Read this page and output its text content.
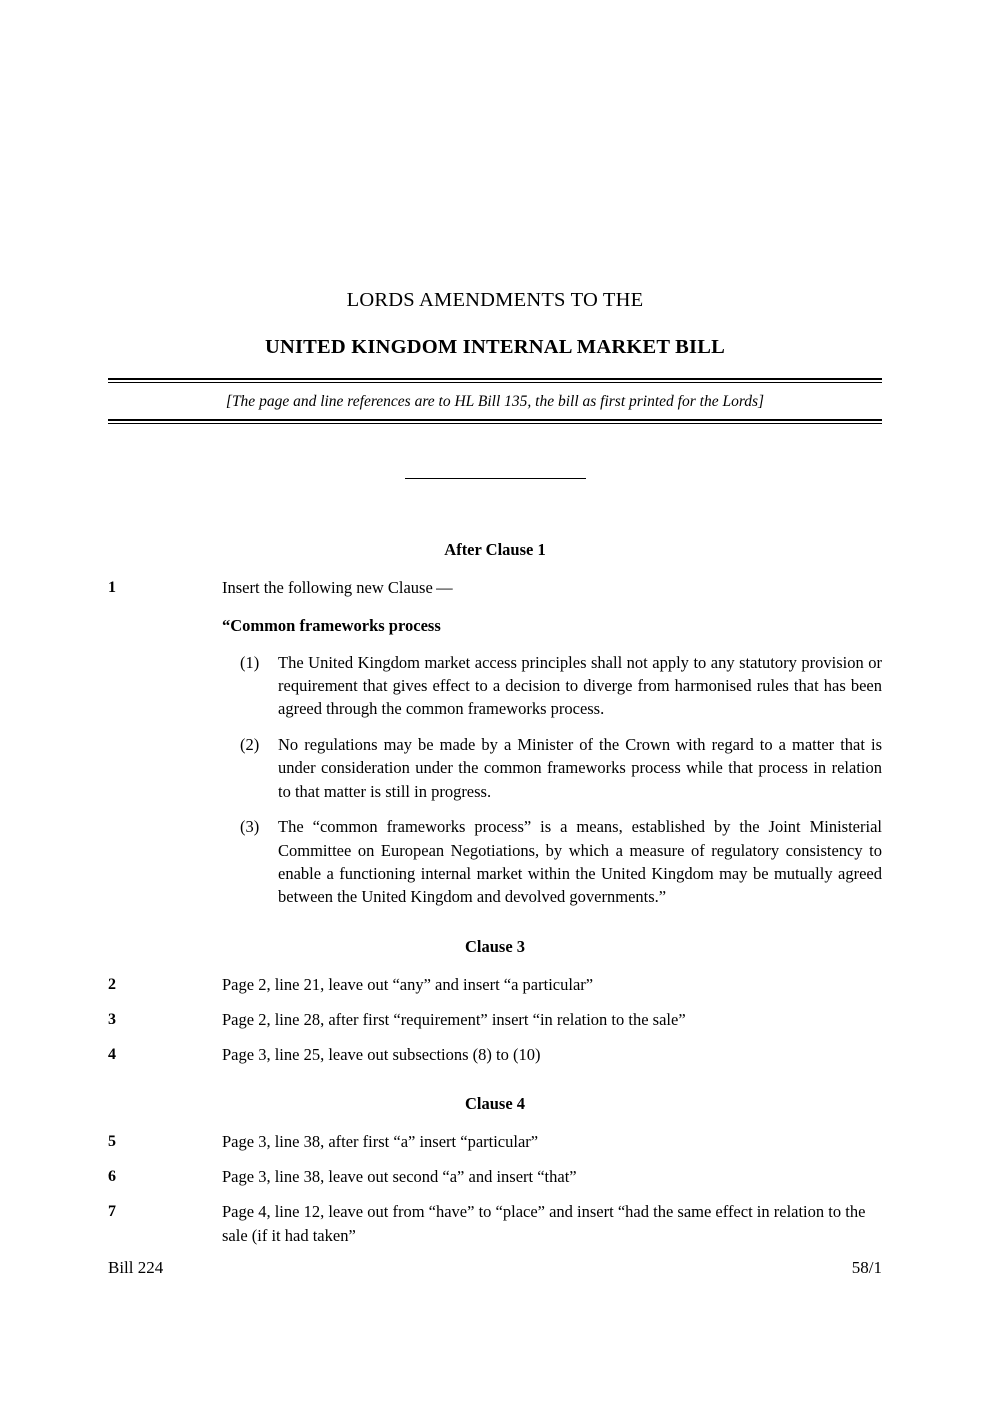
LORDS AMENDMENTS TO THE
UNITED KINGDOM INTERNAL MARKET BILL
[The page and line references are to HL Bill 135, the bill as first printed for the Lords]
After Clause 1
1	Insert the following new Clause —
“Common frameworks process
(1) The United Kingdom market access principles shall not apply to any statutory provision or requirement that gives effect to a decision to diverge from harmonised rules that has been agreed through the common frameworks process.
(2) No regulations may be made by a Minister of the Crown with regard to a matter that is under consideration under the common frameworks process while that process in relation to that matter is still in progress.
(3) The “common frameworks process” is a means, established by the Joint Ministerial Committee on European Negotiations, by which a measure of regulatory consistency to enable a functioning internal market within the United Kingdom may be mutually agreed between the United Kingdom and devolved governments.”
Clause 3
2	Page 2, line 21, leave out “any” and insert “a particular”
3	Page 2, line 28, after first “requirement” insert “in relation to the sale”
4	Page 3, line 25, leave out subsections (8) to (10)
Clause 4
5	Page 3, line 38, after first “a” insert “particular”
6	Page 3, line 38, leave out second “a” and insert “that”
7	Page 4, line 12, leave out from “have” to “place” and insert “had the same effect in relation to the sale (if it had taken”
Bill 224	58/1
